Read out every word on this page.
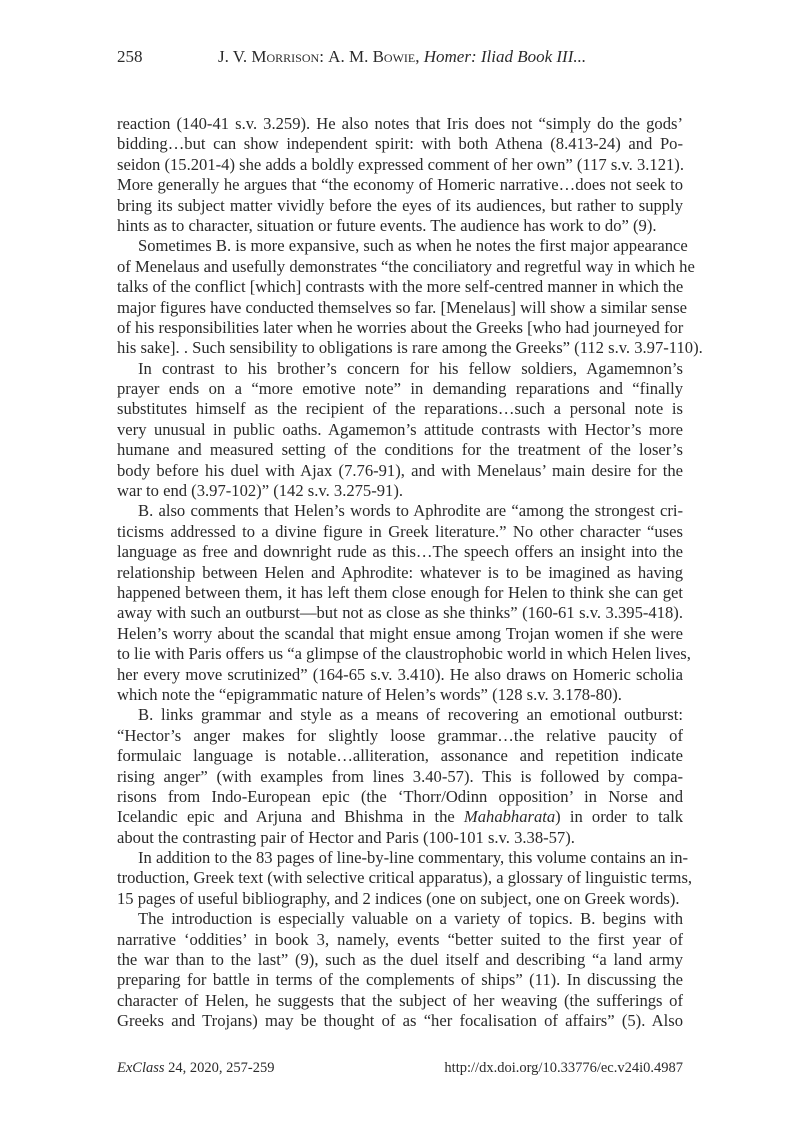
258	J. V. Morrison: A. M. Bowie, Homer: Iliad Book III...
reaction (140-41 s.v. 3.259). He also notes that Iris does not “simply do the gods’
bidding…but can show independent spirit: with both Athena (8.413-24) and Po-
seidon (15.201-4) she adds a boldly expressed comment of her own” (117 s.v. 3.121).
More generally he argues that “the economy of Homeric narrative…does not seek to
bring its subject matter vividly before the eyes of its audiences, but rather to supply
hints as to character, situation or future events. The audience has work to do” (9).
Sometimes B. is more expansive, such as when he notes the first major appearance
of Menelaus and usefully demonstrates “the conciliatory and regretful way in which he
talks of the conflict [which] contrasts with the more self-centred manner in which the
major figures have conducted themselves so far. [Menelaus] will show a similar sense
of his responsibilities later when he worries about the Greeks [who had journeyed for
his sake]. . Such sensibility to obligations is rare among the Greeks” (112 s.v. 3.97-110).
In contrast to his brother’s concern for his fellow soldiers, Agamemnon’s
prayer ends on a “more emotive note” in demanding reparations and “finally
substitutes himself as the recipient of the reparations…such a personal note is
very unusual in public oaths. Agamemon’s attitude contrasts with Hector’s more
humane and measured setting of the conditions for the treatment of the loser’s
body before his duel with Ajax (7.76-91), and with Menelaus’ main desire for the
war to end (3.97-102)” (142 s.v. 3.275-91).
B. also comments that Helen’s words to Aphrodite are “among the strongest cri-
ticisms addressed to a divine figure in Greek literature.” No other character “uses
language as free and downright rude as this…The speech offers an insight into the
relationship between Helen and Aphrodite: whatever is to be imagined as having
happened between them, it has left them close enough for Helen to think she can get
away with such an outburst—but not as close as she thinks” (160-61 s.v. 3.395-418).
Helen’s worry about the scandal that might ensue among Trojan women if she were
to lie with Paris offers us “a glimpse of the claustrophobic world in which Helen lives,
her every move scrutinized” (164-65 s.v. 3.410). He also draws on Homeric scholia
which note the “epigrammatic nature of Helen’s words” (128 s.v. 3.178-80).
B. links grammar and style as a means of recovering an emotional outburst:
“Hector’s anger makes for slightly loose grammar…the relative paucity of
formulaic language is notable…alliteration, assonance and repetition indicate
rising anger” (with examples from lines 3.40-57). This is followed by compa-
risons from Indo-European epic (the ‘Thorr/Odinn opposition’ in Norse and
Icelandic epic and Arjuna and Bhishma in the Mahabharata) in order to talk
about the contrasting pair of Hector and Paris (100-101 s.v. 3.38-57).
In addition to the 83 pages of line-by-line commentary, this volume contains an in-
troduction, Greek text (with selective critical apparatus), a glossary of linguistic terms,
15 pages of useful bibliography, and 2 indices (one on subject, one on Greek words).
The introduction is especially valuable on a variety of topics. B. begins with
narrative ‘oddities’ in book 3, namely, events “better suited to the first year of
the war than to the last” (9), such as the duel itself and describing “a land army
preparing for battle in terms of the complements of ships” (11). In discussing the
character of Helen, he suggests that the subject of her weaving (the sufferings of
Greeks and Trojans) may be thought of as “her focalisation of affairs” (5). Also
ExClass 24, 2020, 257-259	http://dx.doi.org/10.33776/ec.v24i0.4987
